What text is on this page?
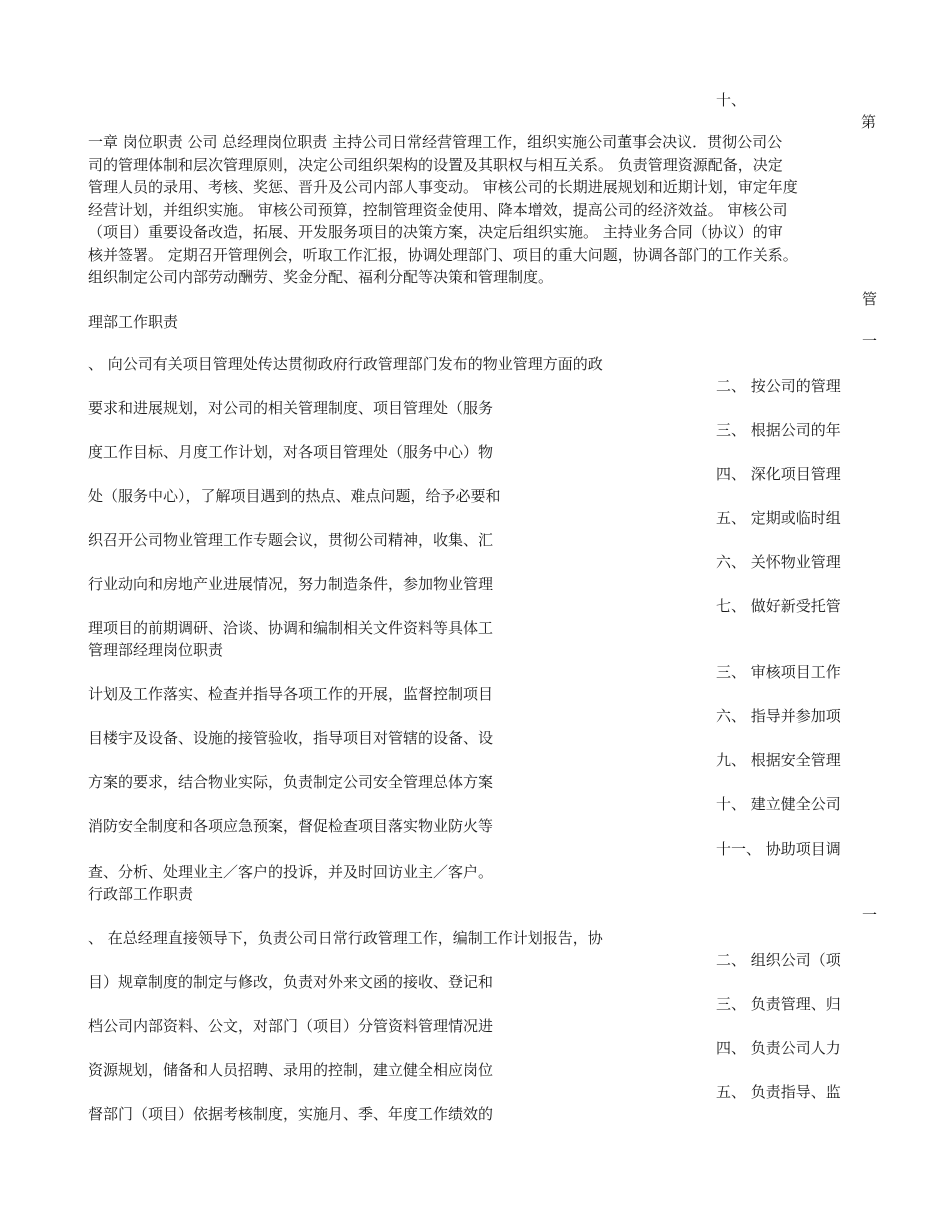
十、
第
一章 岗位职责 公司 总经理岗位职责 主持公司日常经营管理工作，组织实施公司董事会决议．贯彻公司公
司的管理体制和层次管理原则，决定公司组织架构的设置及其职权与相互关系。 负责管理资源配备，决定
管理人员的录用、考核、奖惩、晋升及公司内部人事变动。 审核公司的长期进展规划和近期计划，审定年度
经营计划，并组织实施。 审核公司预算，控制管理资金使用、降本增效，提高公司的经济效益。 审核公司
（项目）重要设备改造，拓展、开发服务项目的决策方案，决定后组织实施。 主持业务合同（协议）的审
核并签署。 定期召开管理例会，听取工作汇报，协调处理部门、项目的重大问题，协调各部门的工作关系。
组织制定公司内部劳动酬劳、奖金分配、福利分配等决策和管理制度。
管
理部工作职责
一
、 向公司有关项目管理处传达贯彻政府行政管理部门发布的物业管理方面的政
要求和进展规划，对公司的相关管理制度、项目管理处（服务
度工作目标、月度工作计划，对各项目管理处（服务中心）物
处（服务中心），了解项目遇到的热点、难点问题，给予必要和
织召开公司物业管理工作专题会议，贯彻公司精神，收集、汇
行业动向和房地产业进展情况，努力制造条件，参加物业管理
理项目的前期调研、洽谈、协调和编制相关文件资料等具体工
二、 按公司的管理
三、 根据公司的年
四、 深化项目管理
五、 定期或临时组
六、 关怀物业管理
七、 做好新受托管
管理部经理岗位职责
计划及工作落实、检查并指导各项工作的开展，监督控制项目
目楼宇及设备、设施的接管验收，指导项目对管辖的设备、设
方案的要求，结合物业实际，负责制定公司安全管理总体方案
消防安全制度和各项应急预案，督促检查项目落实物业防火等
查、分析、处理业主／客户的投诉，并及时回访业主／客户。
三、 审核项目工作
六、 指导并参加项
九、 根据安全管理
十、 建立健全公司
十一、 协助项目调
行政部工作职责
一
、 在总经理直接领导下，负责公司日常行政管理工作，编制工作计划报告，协
目）规章制度的制定与修改，负责对外来文函的接收、登记和
档公司内部资料、公文，对部门（项目）分管资料管理情况进
资源规划，储备和人员招聘、录用的控制，建立健全相应岗位
督部门（项目）依据考核制度，实施月、季、年度工作绩效的
二、 组织公司（项
三、 负责管理、归
四、 负责公司人力
五、 负责指导、监
